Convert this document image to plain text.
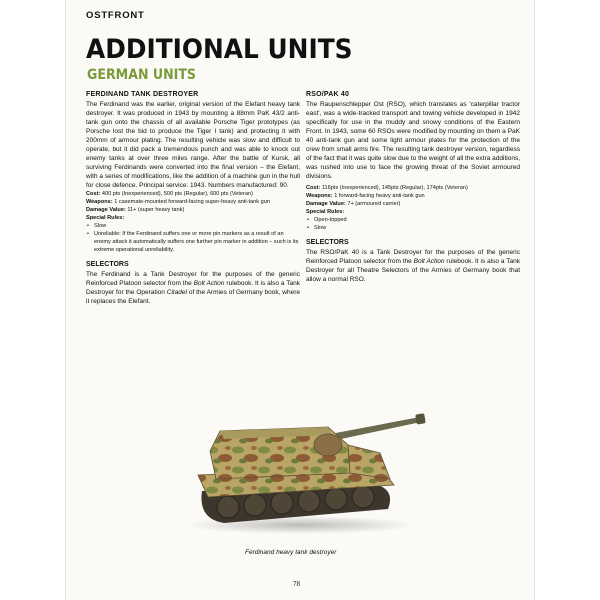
OSTFRONT
ADDITIONAL UNITS
GERMAN UNITS
FERDINAND TANK DESTROYER

The Ferdinand was the earlier, original version of the Elefant heavy tank destroyer. It was produced in 1943 by mounting a 88mm PaK 43/2 anti-tank gun onto the chassis of all available Porsche Tiger prototypes (as Porsche lost the bid to produce the Tiger I tank) and protecting it with 200mm of armour plating. The resulting vehicle was slow and difficult to operate, but it did pack a tremendous punch and was able to knock out enemy tanks at over three miles range. After the battle of Kursk, all surviving Ferdinands were converted into the final version – the Elefant, with a series of modifications, like the addition of a machine gun in the hull for close defence. Principal service: 1943. Numbers manufactured: 90.

Cost: 400 pts (Inexperienced), 500 pts (Regular), 600 pts (Veteran)

Weapons: 1 casemate-mounted forward-facing super-heavy anti-tank gun

Damage Value: 11+ (super heavy tank)

Special Rules:

• Slow
• Unreliable: If the Ferdinand suffers one or more pin markers as a result of an enemy attack it automatically suffers one further pin marker in addition – such is its extreme operational unreliability.
SELECTORS

The Ferdinand is a Tank Destroyer for the purposes of the generic Reinforced Platoon selector from the Bolt Action rulebook. It is also a Tank Destroyer for the Operation Citadel of the Armies of Germany book, where it replaces the Elefant.

RSO/PAK 40

The Raupenschlepper Ost (RSO), which translates as 'caterpillar tractor east', was a wide-tracked transport and towing vehicle developed in 1942 specifically for use in the muddy and snowy conditions of the Eastern Front. In 1943, some 60 RSOs were modified by mounting on them a PaK 40 anti-tank gun and some light armour plates for the protection of the crew from small arms fire. The resulting tank destroyer version, regardless of the fact that it was quite slow due to the weight of all the extra additions, was rushed into use to face the growing threat of the Soviet armoured divisions.

Cost: 116pts (Inexperienced), 145pts (Regular), 174pts (Veteran)

Weapons: 1 forward-facing heavy anti-tank gun

Damage Value: 7+ (armoured carrier)

Special Rules:

• Open-topped
• Slow
SELECTORS

The RSO/PaK 40 is a Tank Destroyer for the purposes of the generic Reinforced Platoon selector from the Bolt Action rulebook. It is also a Tank Destroyer for all Theatre Selectors of the Armies of Germany book that allow a normal RSO.

Ferdinand heavy tank destroyer
78
